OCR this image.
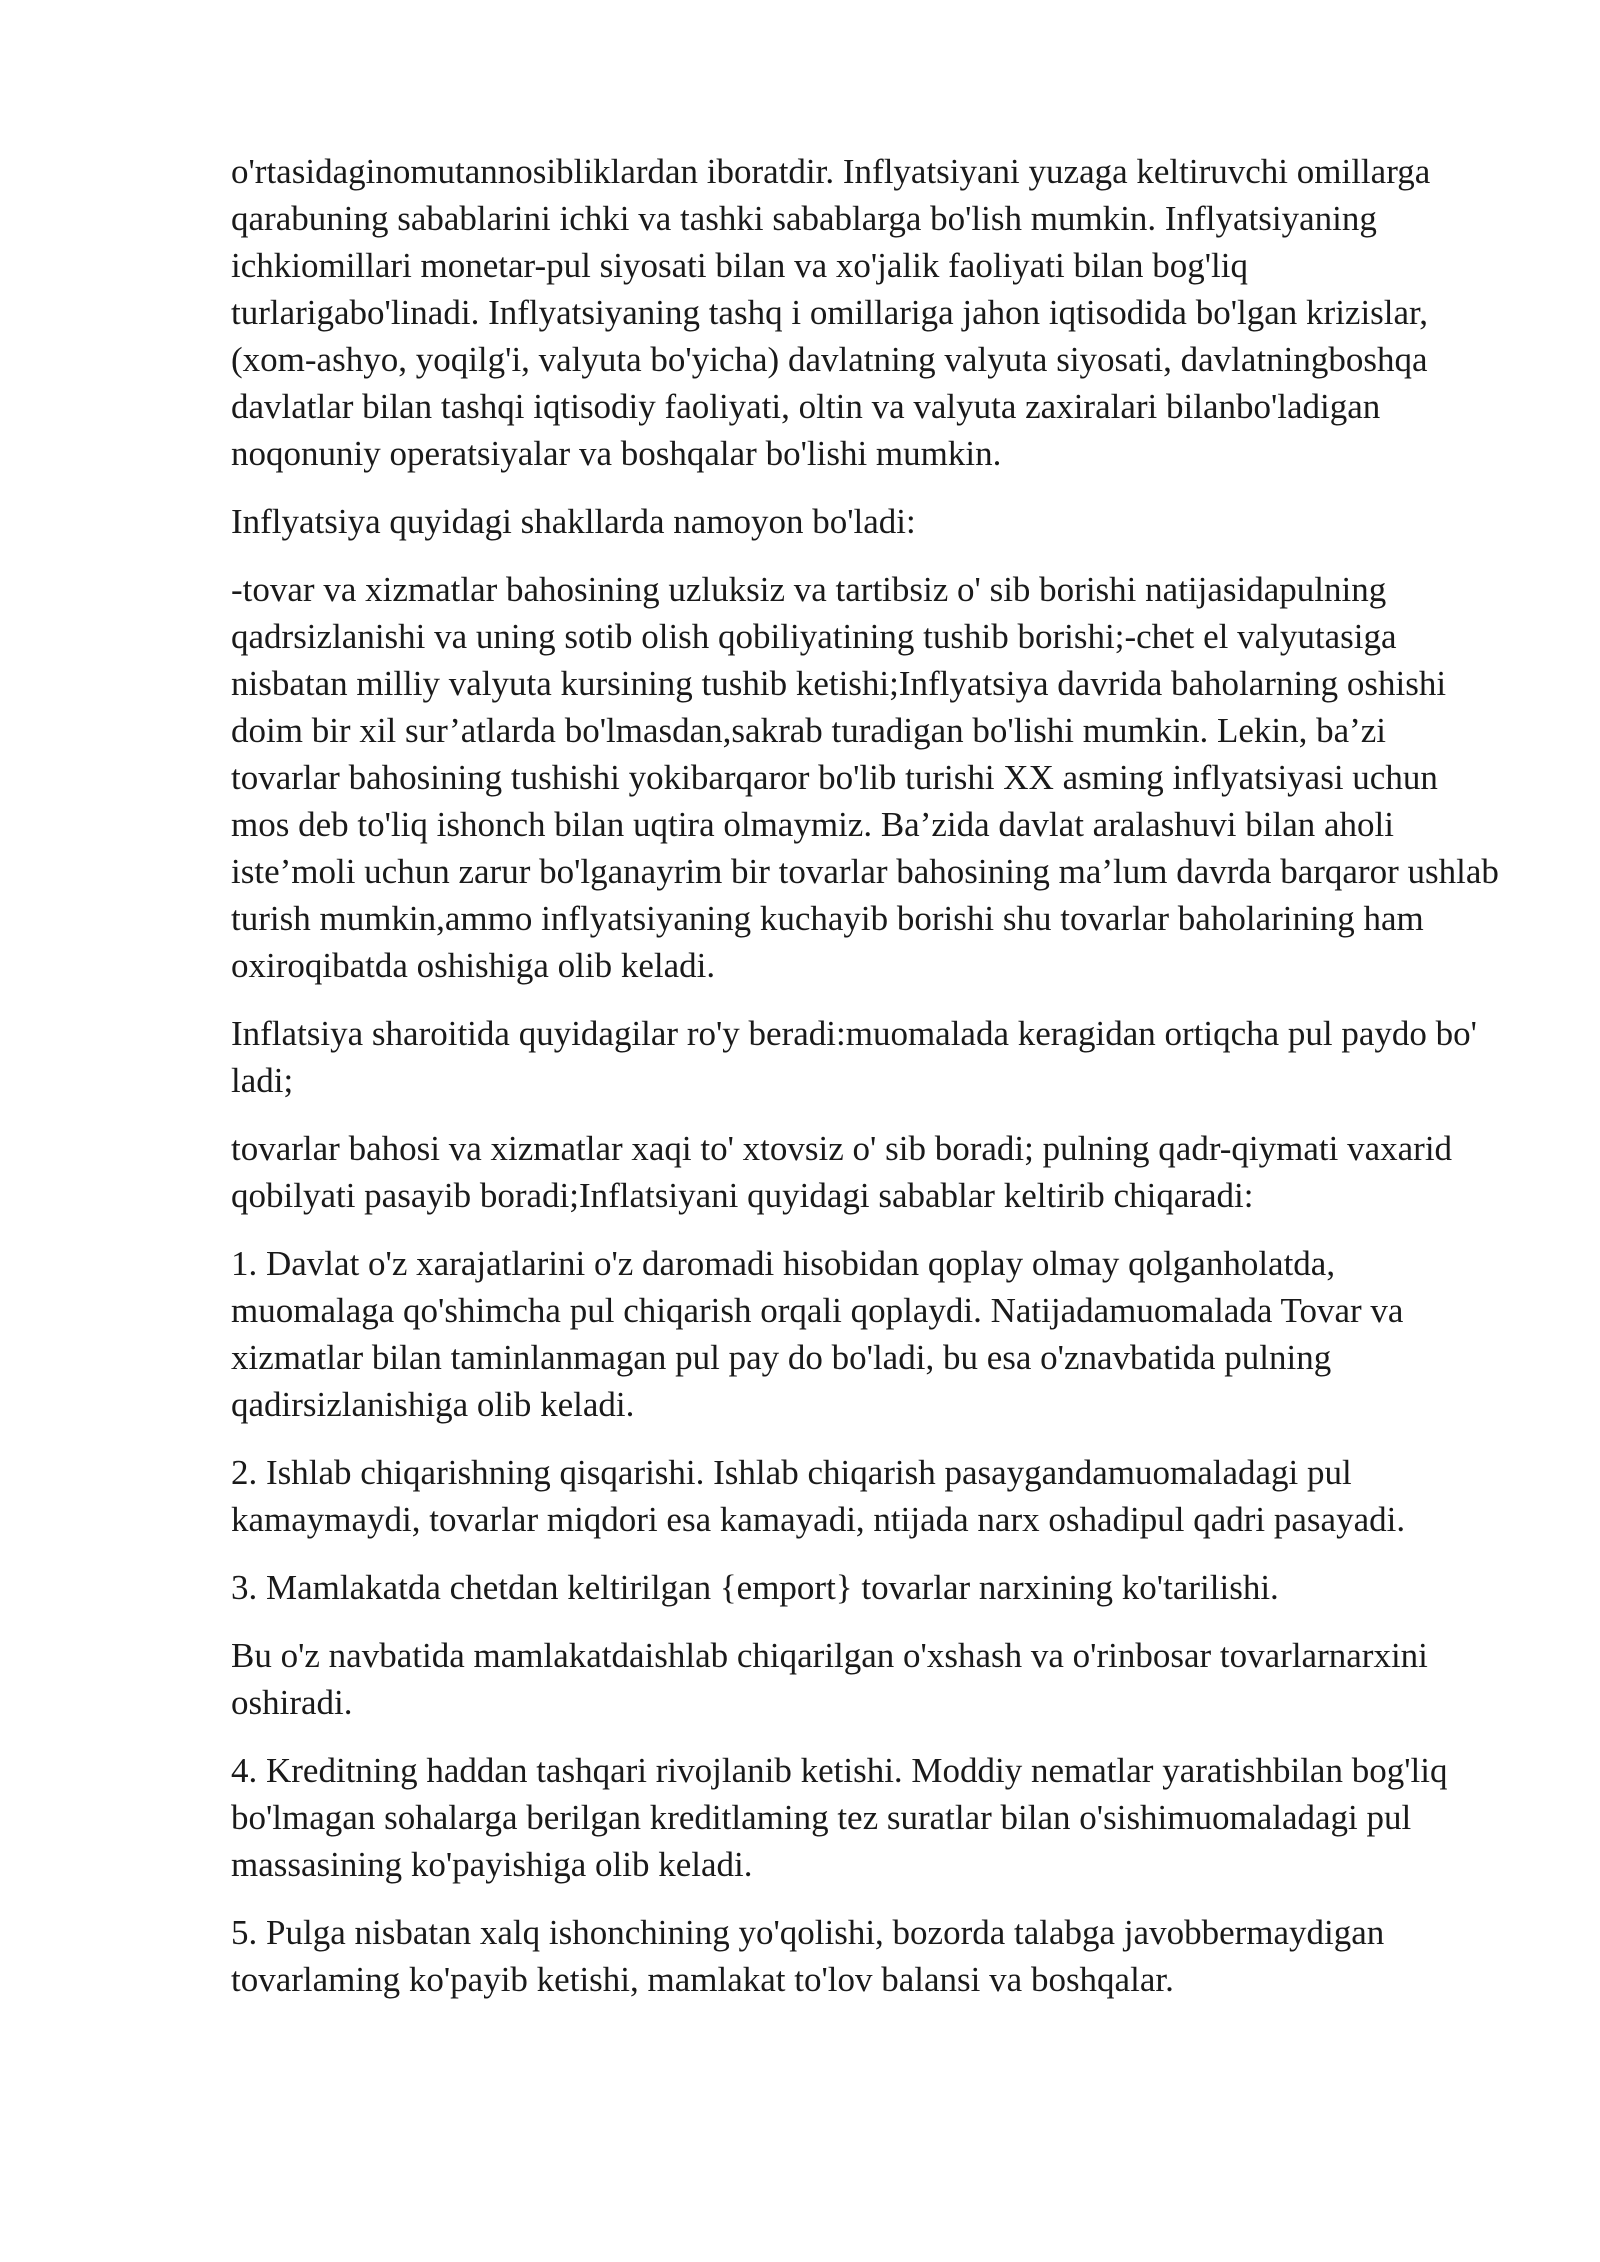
o'rtasidaginomutannosibliklardan iboratdir. Inflyatsiyani yuzaga keltiruvchi omillarga qarabuning sabablarini ichki va tashki sabablarga bo'lish mumkin. Inflyatsiyaning ichkiomillari monetar-pul siyosati bilan va xo'jalik faoliyati bilan bog'liq turlarigabo'linadi. Inflyatsiyaning tashq i omillariga jahon iqtisodida bo'lgan krizislar,(xom-ashyo, yoqilg'i, valyuta bo'yicha) davlatning valyuta siyosati, davlatningboshqa davlatlar bilan tashqi iqtisodiy faoliyati, oltin va valyuta zaxiralari bilanbo'ladigan noqonuniy operatsiyalar va boshqalar bo'lishi mumkin.

Inflyatsiya quyidagi shakllarda namoyon bo'ladi:

-tovar va xizmatlar bahosining uzluksiz va tartibsiz o' sib borishi natijasidapulning qadrsizlanishi va uning sotib olish qobiliyatining tushib borishi;-chet el valyutasiga nisbatan milliy valyuta kursining tushib ketishi;Inflyatsiya davrida baholarning oshishi doim bir xil sur’atlarda bo'lmasdan,sakrab turadigan bo'lishi mumkin. Lekin, ba’zi tovarlar bahosining tushishi yokibarqaror bo'lib turishi XX asming inflyatsiyasi uchun mos deb to'liq ishonch bilan uqtira olmaymiz. Ba’zida davlat aralashuvi bilan aholi iste’moli uchun zarur bo'lganayrim bir tovarlar bahosining ma’lum davrda barqaror ushlab turish mumkin,ammo inflyatsiyaning kuchayib borishi shu tovarlar baholarining ham oxiroqibatda oshishiga olib keladi.

Inflatsiya sharoitida quyidagilar ro'y beradi:muomalada keragidan ortiqcha pul paydo bo' ladi;

tovarlar bahosi va xizmatlar xaqi to' xtovsiz o' sib boradi; pulning qadr-qiymati vaxarid qobilyati pasayib boradi;Inflatsiyani quyidagi sabablar keltirib chiqaradi:

1. Davlat o'z xarajatlarini o'z daromadi hisobidan qoplay olmay qolganholatda, muomalaga qo'shimcha pul chiqarish orqali qoplaydi. Natijadamuomalada Tovar va xizmatlar bilan taminlanmagan pul pay do bo'ladi, bu esa o'znavbatida pulning qadirsizlanishiga olib keladi.

2. Ishlab chiqarishning qisqarishi. Ishlab chiqarish pasaygandamuomaladagi pul kamaymaydi, tovarlar miqdori esa kamayadi, ntijada narx oshadipul qadri pasayadi.

3. Mamlakatda chetdan keltirilgan {emport} tovarlar narxining ko'tarilishi.

Bu o'z navbatida mamlakatdaishlab chiqarilgan o'xshash va o'rinbosar tovarlarnarxini oshiradi.

4. Kreditning haddan tashqari rivojlanib ketishi. Moddiy nematlar yaratishbilan bog'liq bo'lmagan sohalarga berilgan kreditlaming tez suratlar bilan o'sishimuomaladagi pul massasining ko'payishiga olib keladi.

5. Pulga nisbatan xalq ishonchining yo'qolishi, bozorda talabga javobbermaydigan tovarlaming ko'payib ketishi, mamlakat to'lov balansi va boshqalar.
